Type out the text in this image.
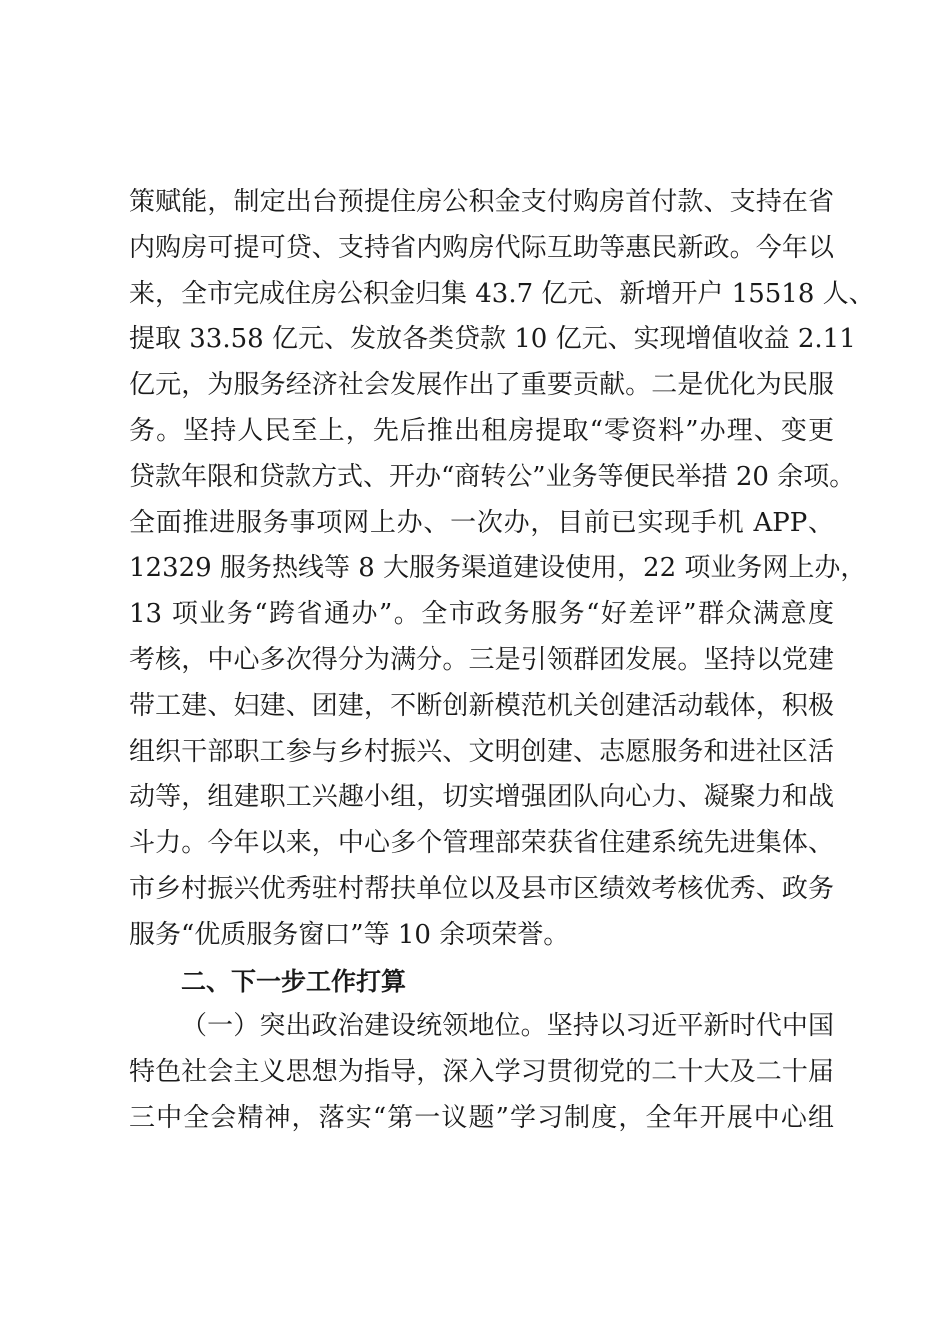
策赋能，制定出台预提住房公积金支付购房首付款、支持在省
内购房可提可贷、支持省内购房代际互助等惠民新政。今年以
来，全市完成住房公积金归集 43.7 亿元、新增开户 15518 人、
提取 33.58 亿元、发放各类贷款 10 亿元、实现增值收益 2.11
亿元，为服务经济社会发展作出了重要贡献。二是优化为民服
务。坚持人民至上，先后推出租房提取“零资料”办理、变更
贷款年限和贷款方式、开办“商转公”业务等便民举措 20 余项。
全面推进服务事项网上办、一次办，目前已实现手机 APP、
12329 服务热线等 8 大服务渠道建设使用，22 项业务网上办，
13 项业务“跨省通办”。全市政务服务“好差评”群众满意度
考核，中心多次得分为满分。三是引领群团发展。坚持以党建
带工建、妇建、团建，不断创新模范机关创建活动载体，积极
组织干部职工参与乡村振兴、文明创建、志愿服务和进社区活
动等，组建职工兴趣小组，切实增强团队向心力、凝聚力和战
斗力。今年以来，中心多个管理部荣获省住建系统先进集体、
市乡村振兴优秀驻村帮扶单位以及县市区绩效考核优秀、政务
服务“优质服务窗口”等 10 余项荣誉。
二、下一步工作打算
（一）突出政治建设统领地位。坚持以习近平新时代中国
特色社会主义思想为指导，深入学习贯彻党的二十大及二十届
三中全会精神，落实“第一议题”学习制度，全年开展中心组
